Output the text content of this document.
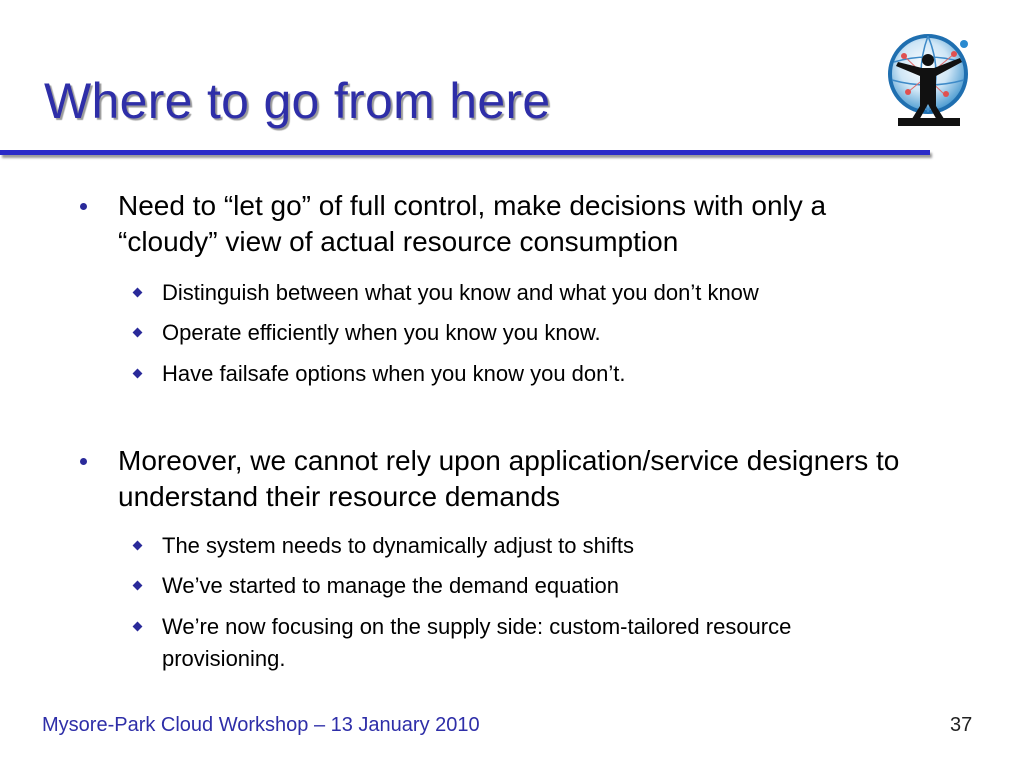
Where to go from here
Need to “let go” of full control, make decisions with only a “cloudy” view of actual resource consumption
Distinguish between what you know and what you don’t know
Operate efficiently when you know you know.
Have failsafe options when you know you don’t.
Moreover, we cannot rely upon application/service designers to understand their resource demands
The system needs to dynamically adjust to shifts
We’ve started to manage the demand equation
We’re now focusing on the supply side: custom-tailored resource provisioning.
Mysore-Park Cloud Workshop – 13 January 2010	37
